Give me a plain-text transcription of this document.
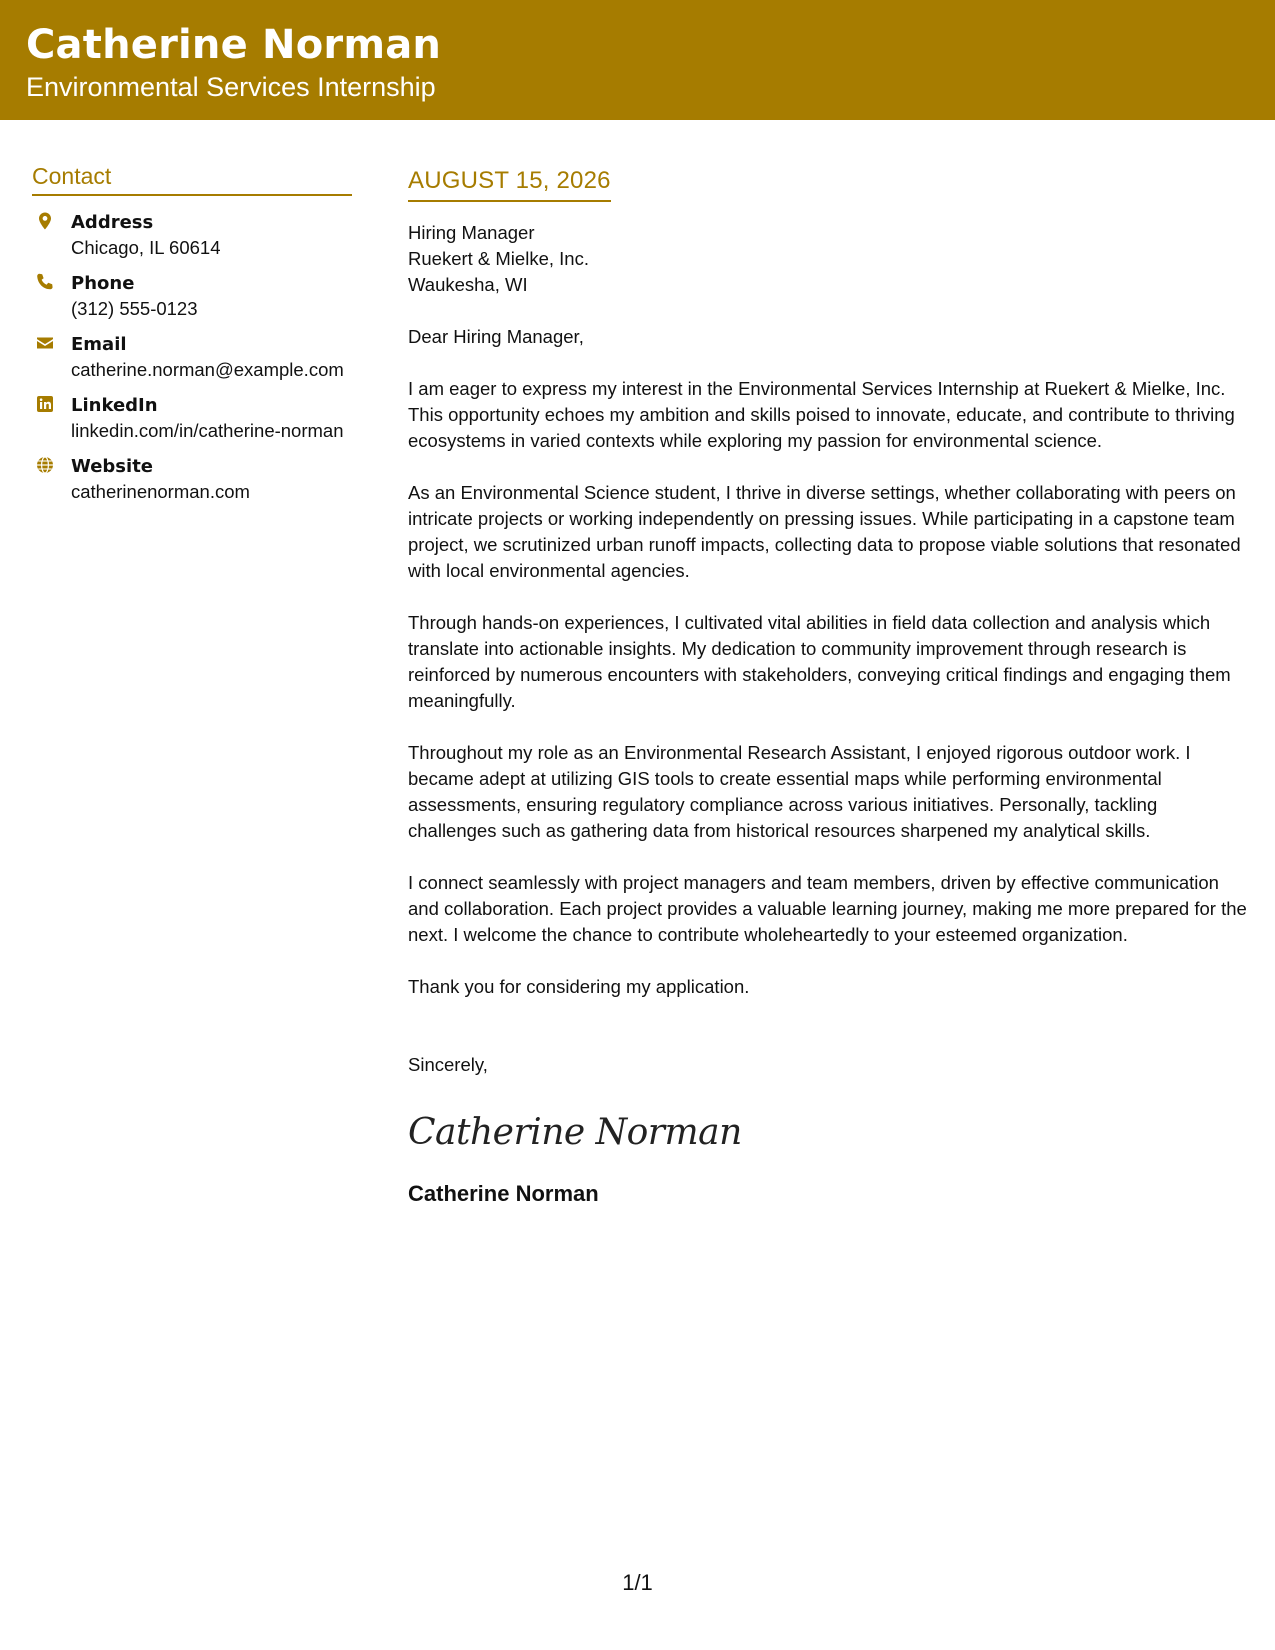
Catherine Norman
Environmental Services Internship
Contact
Address
Chicago, IL 60614
Phone
(312) 555-0123
Email
catherine.norman@example.com
LinkedIn
linkedin.com/in/catherine-norman
Website
catherinenorman.com
AUGUST 15, 2026
Hiring Manager
Ruekert & Mielke, Inc.
Waukesha, WI
Dear Hiring Manager,
I am eager to express my interest in the Environmental Services Internship at Ruekert & Mielke, Inc. This opportunity echoes my ambition and skills poised to innovate, educate, and contribute to thriving ecosystems in varied contexts while exploring my passion for environmental science.
As an Environmental Science student, I thrive in diverse settings, whether collaborating with peers on intricate projects or working independently on pressing issues. While participating in a capstone team project, we scrutinized urban runoff impacts, collecting data to propose viable solutions that resonated with local environmental agencies.
Through hands-on experiences, I cultivated vital abilities in field data collection and analysis which translate into actionable insights. My dedication to community improvement through research is reinforced by numerous encounters with stakeholders, conveying critical findings and engaging them meaningfully.
Throughout my role as an Environmental Research Assistant, I enjoyed rigorous outdoor work. I became adept at utilizing GIS tools to create essential maps while performing environmental assessments, ensuring regulatory compliance across various initiatives. Personally, tackling challenges such as gathering data from historical resources sharpened my analytical skills.
I connect seamlessly with project managers and team members, driven by effective communication and collaboration. Each project provides a valuable learning journey, making me more prepared for the next. I welcome the chance to contribute wholeheartedly to your esteemed organization.
Thank you for considering my application.
Sincerely,
Catherine Norman
Catherine Norman
1/1
